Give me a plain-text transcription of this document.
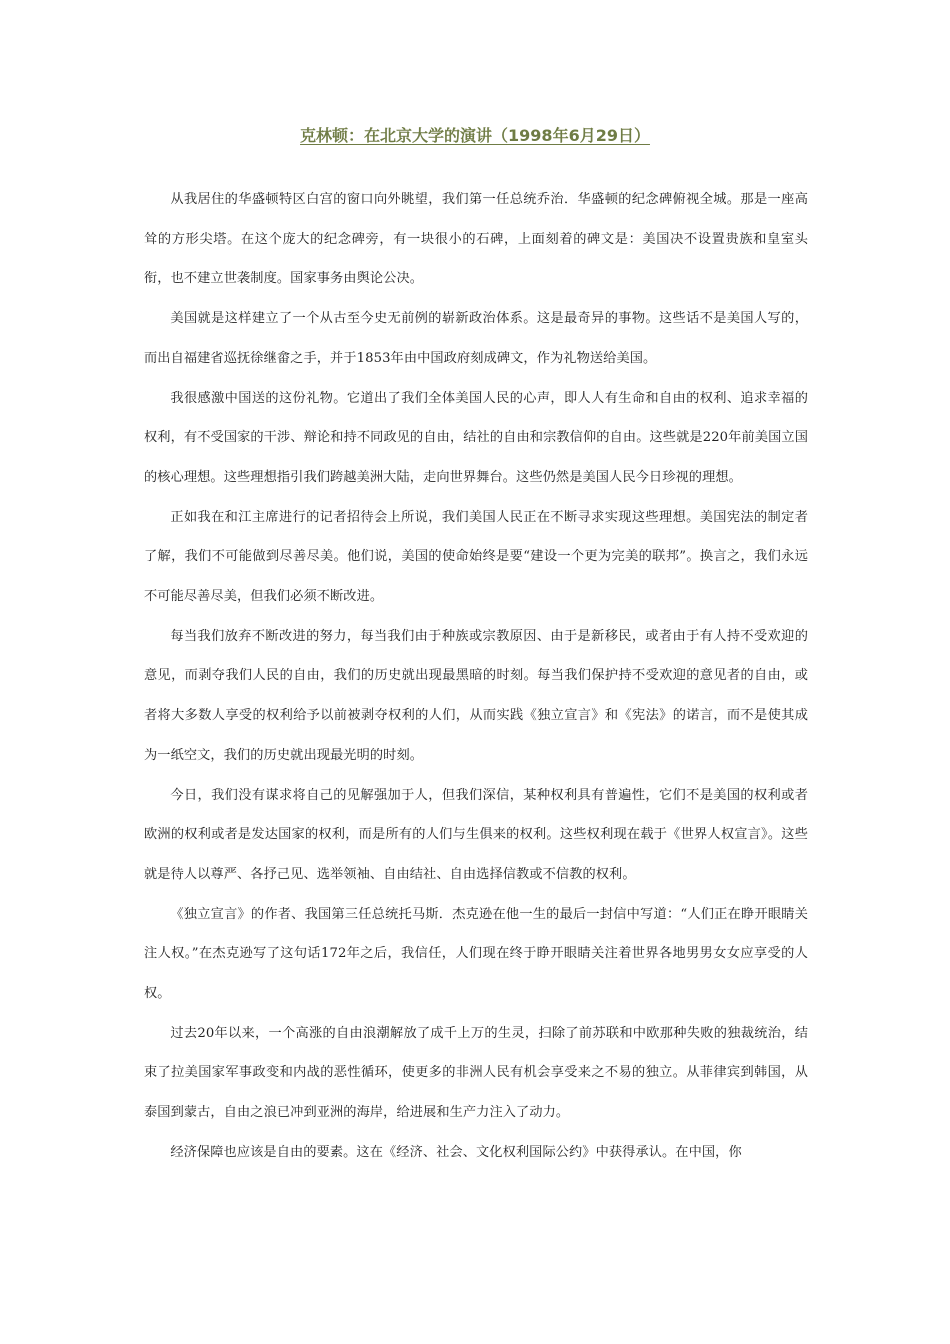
克林顿：在北京大学的演讲（1998年6月29日）

从我居住的华盛顿特区白宫的窗口向外眺望，我们第一任总统乔治．华盛顿的纪念碑俯视全城。那是一座高耸的方形尖塔。在这个庞大的纪念碑旁，有一块很小的石碑，上面刻着的碑文是：美国决不设置贵族和皇室头衔，也不建立世袭制度。国家事务由舆论公决。

美国就是这样建立了一个从古至今史无前例的崭新政治体系。这是最奇异的事物。这些话不是美国人写的，而出自福建省巡抚徐继畲之手，并于1853年由中国政府刻成碑文，作为礼物送给美国。

我很感激中国送的这份礼物。它道出了我们全体美国人民的心声，即人人有生命和自由的权利、追求幸福的权利，有不受国家的干涉、辩论和持不同政见的自由，结社的自由和宗教信仰的自由。这些就是220年前美国立国的核心理想。这些理想指引我们跨越美洲大陆，走向世界舞台。这些仍然是美国人民今日珍视的理想。

正如我在和江主席进行的记者招待会上所说，我们美国人民正在不断寻求实现这些理想。美国宪法的制定者了解，我们不可能做到尽善尽美。他们说，美国的使命始终是要“建设一个更为完美的联邦”。换言之，我们永远不可能尽善尽美，但我们必须不断改进。

每当我们放弃不断改进的努力，每当我们由于种族或宗教原因、由于是新移民，或者由于有人持不受欢迎的意见，而剥夺我们人民的自由，我们的历史就出现最黑暗的时刻。每当我们保护持不受欢迎的意见者的自由，或者将大多数人享受的权利给予以前被剥夺权利的人们，从而实践《独立宣言》和《宪法》的诺言，而不是使其成为一纸空文，我们的历史就出现最光明的时刻。

今日，我们没有谋求将自己的见解强加于人，但我们深信，某种权利具有普遍性，它们不是美国的权利或者欧洲的权利或者是发达国家的权利，而是所有的人们与生俱来的权利。这些权利现在载于《世界人权宣言》。这些就是待人以尊严、各抒己见、选举领袖、自由结社、自由选择信教或不信教的权利。

《独立宣言》的作者、我国第三任总统托马斯．杰克逊在他一生的最后一封信中写道：“人们正在睁开眼睛关注人权。”在杰克逊写了这句话172年之后，我信任，人们现在终于睁开眼睛关注着世界各地男男女女应享受的人权。

过去20年以来，一个高涨的自由浪潮解放了成千上万的生灵，扫除了前苏联和中欧那种失败的独裁统治，结束了拉美国家军事政变和内战的恶性循环，使更多的非洲人民有机会享受来之不易的独立。从菲律宾到韩国，从泰国到蒙古，自由之浪已冲到亚洲的海岸，给进展和生产力注入了动力。

经济保障也应该是自由的要素。这在《经济、社会、文化权利国际公约》中获得承认。在中国，你
